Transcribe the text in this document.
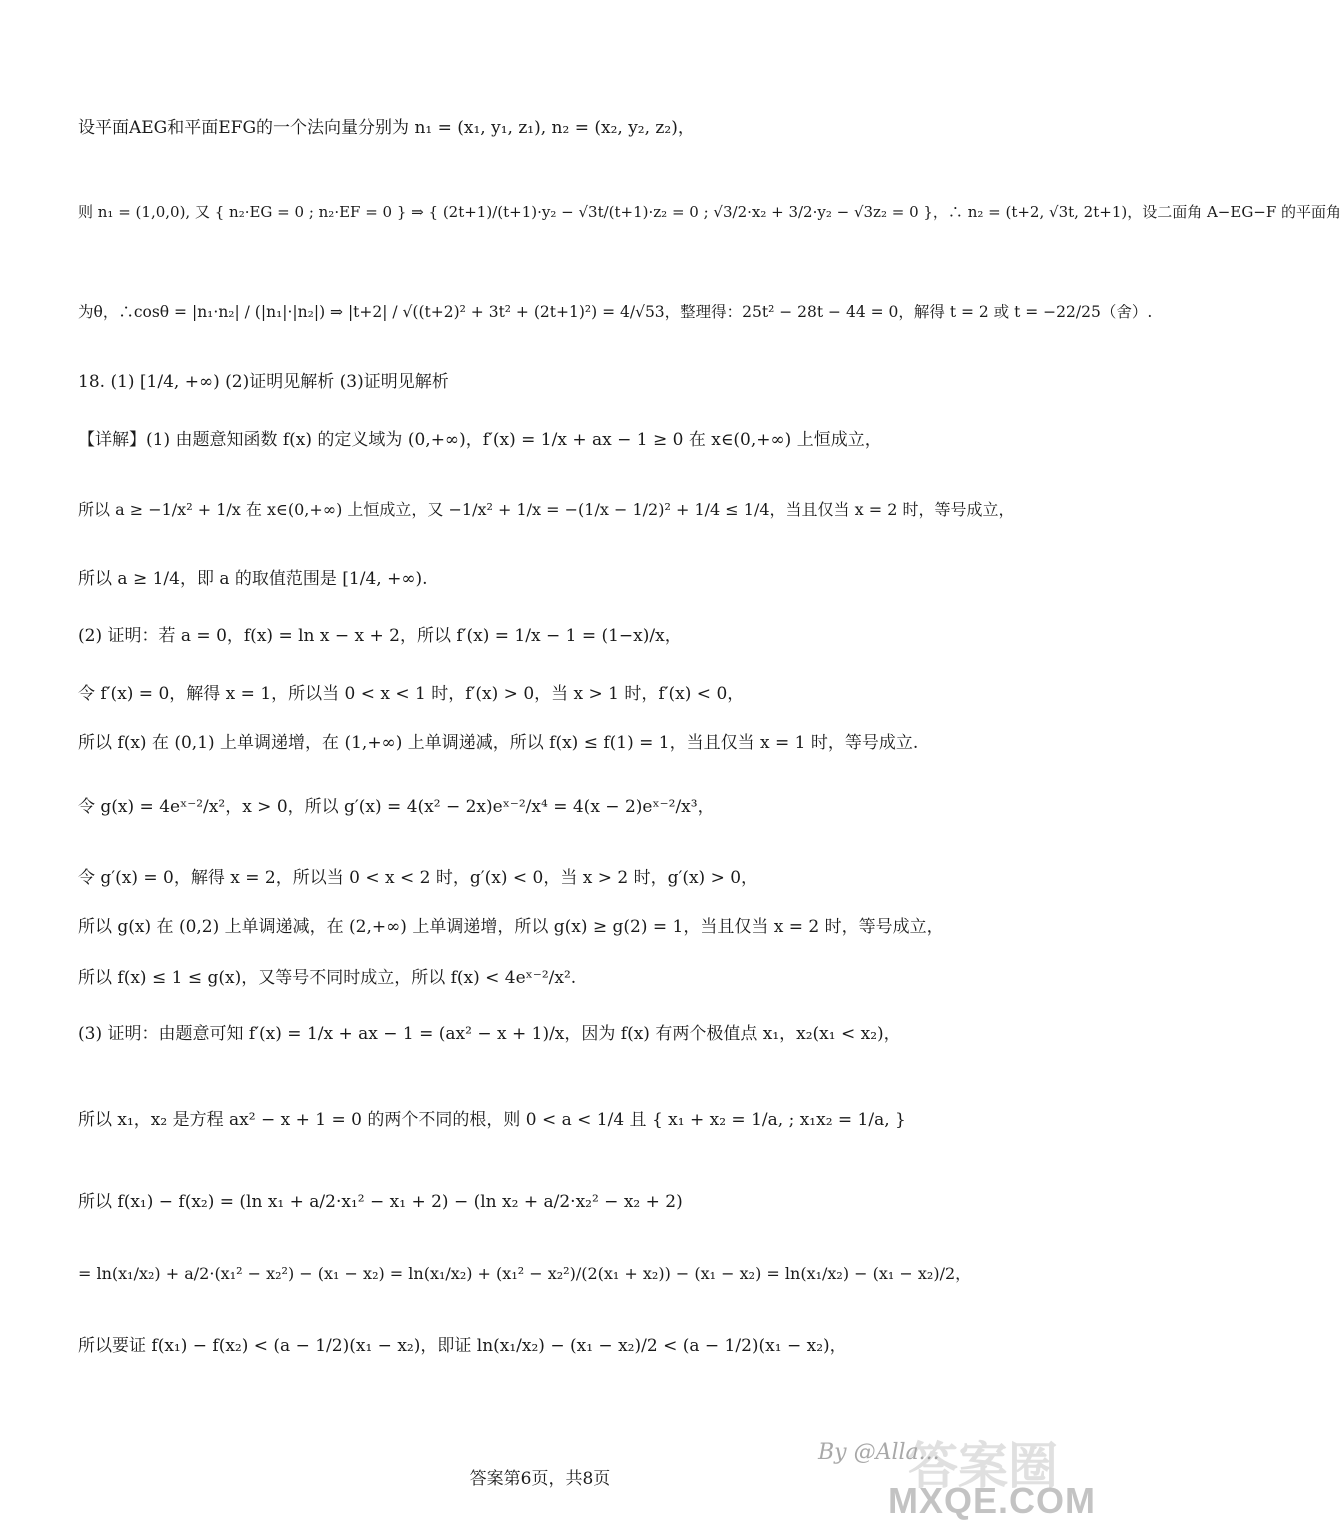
设平面AEG和平面EFG的一个法向量分别为 n₁ = (x₁, y₁, z₁), n₂ = (x₂, y₂, z₂)，
则 n₁ = (1,0,0), 又 { n₂·EG = 0 ; n₂·EF = 0 } ⇒ { (2t+1)/(t+1)·y₂ − √3t/(t+1)·z₂ = 0 ; √3/2·x₂ + 3/2·y₂ − √3z₂ = 0 }，∴ n₂ = (t+2, √3t, 2t+1)，设二面角 A−EG−F 的平面角
为θ，∴cosθ = |n₁·n₂| / (|n₁|·|n₂|) ⇒ |t+2| / √((t+2)² + 3t² + (2t+1)²) = 4/√53，整理得：25t² − 28t − 44 = 0，解得 t = 2 或 t = −22/25（舍）.
18. (1) [1/4, +∞) (2)证明见解析 (3)证明见解析
【详解】(1) 由题意知函数 f(x) 的定义域为 (0,+∞)，f′(x) = 1/x + ax − 1 ≥ 0 在 x∈(0,+∞) 上恒成立，
所以 a ≥ −1/x² + 1/x 在 x∈(0,+∞) 上恒成立，又 −1/x² + 1/x = −(1/x − 1/2)² + 1/4 ≤ 1/4，当且仅当 x = 2 时，等号成立，
所以 a ≥ 1/4，即 a 的取值范围是 [1/4, +∞).
(2) 证明：若 a = 0，f(x) = ln x − x + 2，所以 f′(x) = 1/x − 1 = (1−x)/x，
令 f′(x) = 0，解得 x = 1，所以当 0 < x < 1 时，f′(x) > 0，当 x > 1 时，f′(x) < 0，
所以 f(x) 在 (0,1) 上单调递增，在 (1,+∞) 上单调递减，所以 f(x) ≤ f(1) = 1，当且仅当 x = 1 时，等号成立.
令 g(x) = 4eˣ⁻²/x²，x > 0，所以 g′(x) = 4(x² − 2x)eˣ⁻²/x⁴ = 4(x − 2)eˣ⁻²/x³，
令 g′(x) = 0，解得 x = 2，所以当 0 < x < 2 时，g′(x) < 0，当 x > 2 时，g′(x) > 0，
所以 g(x) 在 (0,2) 上单调递减，在 (2,+∞) 上单调递增，所以 g(x) ≥ g(2) = 1，当且仅当 x = 2 时，等号成立，
所以 f(x) ≤ 1 ≤ g(x)，又等号不同时成立，所以 f(x) < 4eˣ⁻²/x².
(3) 证明：由题意可知 f′(x) = 1/x + ax − 1 = (ax² − x + 1)/x，因为 f(x) 有两个极值点 x₁，x₂(x₁ < x₂)，
所以 x₁，x₂ 是方程 ax² − x + 1 = 0 的两个不同的根，则 0 < a < 1/4 且 { x₁ + x₂ = 1/a, ; x₁x₂ = 1/a, }
所以 f(x₁) − f(x₂) = (ln x₁ + a/2·x₁² − x₁ + 2) − (ln x₂ + a/2·x₂² − x₂ + 2)
= ln(x₁/x₂) + a/2·(x₁² − x₂²) − (x₁ − x₂) = ln(x₁/x₂) + (x₁² − x₂²)/(2(x₁ + x₂)) − (x₁ − x₂) = ln(x₁/x₂) − (x₁ − x₂)/2，
所以要证 f(x₁) − f(x₂) < (a − 1/2)(x₁ − x₂)，即证 ln(x₁/x₂) − (x₁ − x₂)/2 < (a − 1/2)(x₁ − x₂)，
答案第6页，共8页	答案圈
By @Alla...
MXQE.COM
